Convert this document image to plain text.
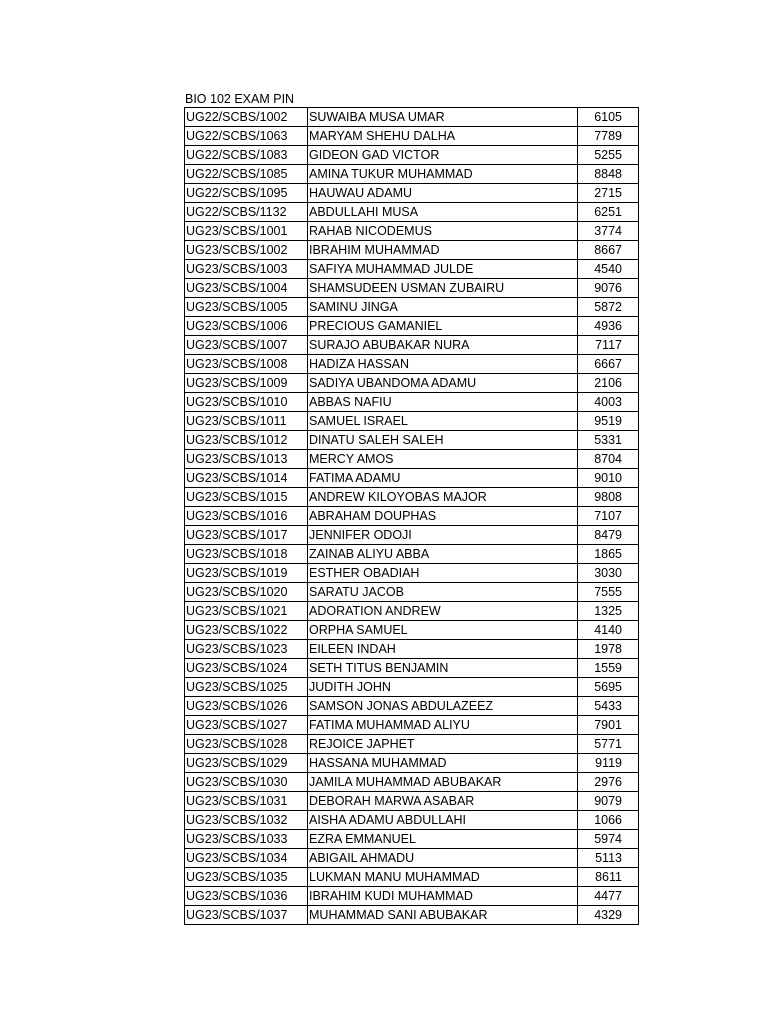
BIO 102 EXAM PIN
UG22/SCBS/1002	SUWAIBA MUSA UMAR	6105
UG22/SCBS/1063	MARYAM SHEHU DALHA	7789
UG22/SCBS/1083	GIDEON GAD VICTOR	5255
UG22/SCBS/1085	AMINA TUKUR MUHAMMAD	8848
UG22/SCBS/1095	HAUWAU ADAMU	2715
UG22/SCBS/1132	ABDULLAHI MUSA	6251
UG23/SCBS/1001	RAHAB NICODEMUS	3774
UG23/SCBS/1002	IBRAHIM MUHAMMAD	8667
UG23/SCBS/1003	SAFIYA MUHAMMAD JULDE	4540
UG23/SCBS/1004	SHAMSUDEEN USMAN ZUBAIRU	9076
UG23/SCBS/1005	SAMINU JINGA	5872
UG23/SCBS/1006	PRECIOUS GAMANIEL	4936
UG23/SCBS/1007	SURAJO ABUBAKAR NURA	7117
UG23/SCBS/1008	HADIZA HASSAN	6667
UG23/SCBS/1009	SADIYA UBANDOMA ADAMU	2106
UG23/SCBS/1010	ABBAS NAFIU	4003
UG23/SCBS/1011	SAMUEL ISRAEL	9519
UG23/SCBS/1012	DINATU SALEH SALEH	5331
UG23/SCBS/1013	MERCY AMOS	8704
UG23/SCBS/1014	FATIMA ADAMU	9010
UG23/SCBS/1015	ANDREW KILOYOBAS MAJOR	9808
UG23/SCBS/1016	ABRAHAM DOUPHAS	7107
UG23/SCBS/1017	JENNIFER ODOJI	8479
UG23/SCBS/1018	ZAINAB ALIYU ABBA	1865
UG23/SCBS/1019	ESTHER OBADIAH	3030
UG23/SCBS/1020	SARATU JACOB	7555
UG23/SCBS/1021	ADORATION ANDREW	1325
UG23/SCBS/1022	ORPHA SAMUEL	4140
UG23/SCBS/1023	EILEEN INDAH	1978
UG23/SCBS/1024	SETH TITUS BENJAMIN	1559
UG23/SCBS/1025	JUDITH JOHN	5695
UG23/SCBS/1026	SAMSON JONAS ABDULAZEEZ	5433
UG23/SCBS/1027	FATIMA MUHAMMAD ALIYU	7901
UG23/SCBS/1028	REJOICE JAPHET	5771
UG23/SCBS/1029	HASSANA MUHAMMAD	9119
UG23/SCBS/1030	JAMILA MUHAMMAD ABUBAKAR	2976
UG23/SCBS/1031	DEBORAH MARWA ASABAR	9079
UG23/SCBS/1032	AISHA ADAMU ABDULLAHI	1066
UG23/SCBS/1033	EZRA EMMANUEL	5974
UG23/SCBS/1034	ABIGAIL AHMADU	5113
UG23/SCBS/1035	LUKMAN MANU MUHAMMAD	8611
UG23/SCBS/1036	IBRAHIM KUDI MUHAMMAD	4477
UG23/SCBS/1037	MUHAMMAD SANI ABUBAKAR	4329
